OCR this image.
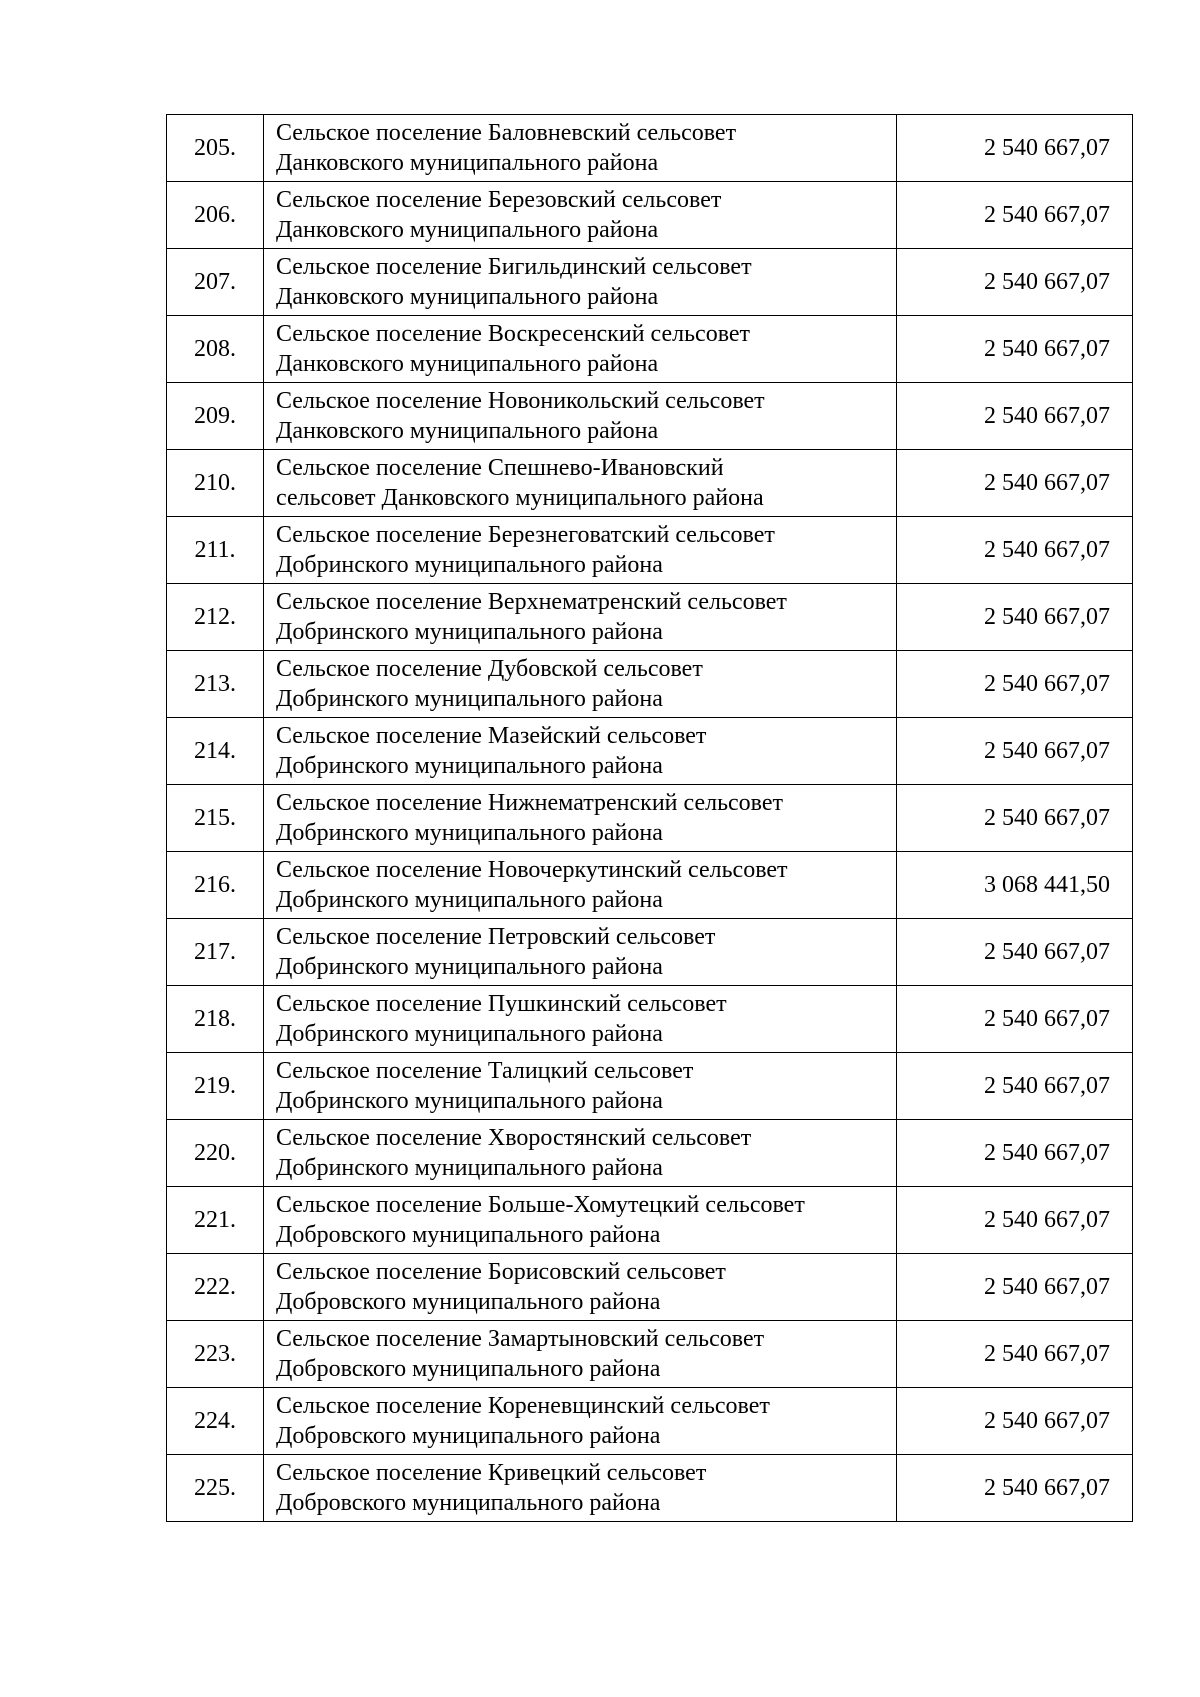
205.	Сельское поселение Баловневский сельсовет
Данковского муниципального района	2 540 667,07
206.	Сельское поселение Березовский сельсовет
Данковского муниципального района	2 540 667,07
207.	Сельское поселение Бигильдинский сельсовет
Данковского муниципального района	2 540 667,07
208.	Сельское поселение Воскресенский сельсовет
Данковского муниципального района	2 540 667,07
209.	Сельское поселение Новоникольский сельсовет
Данковского муниципального района	2 540 667,07
210.	Сельское поселение Спешнево-Ивановский
сельсовет Данковского муниципального района	2 540 667,07
211.	Сельское поселение Березнеговатский сельсовет
Добринского муниципального района	2 540 667,07
212.	Сельское поселение Верхнематренский сельсовет
Добринского муниципального района	2 540 667,07
213.	Сельское поселение Дубовской сельсовет
Добринского муниципального района	2 540 667,07
214.	Сельское поселение Мазейский сельсовет
Добринского муниципального района	2 540 667,07
215.	Сельское поселение Нижнематренский сельсовет
Добринского муниципального района	2 540 667,07
216.	Сельское поселение Новочеркутинский сельсовет
Добринского муниципального района	3 068 441,50
217.	Сельское поселение Петровский сельсовет
Добринского муниципального района	2 540 667,07
218.	Сельское поселение Пушкинский сельсовет
Добринского муниципального района	2 540 667,07
219.	Сельское поселение Талицкий сельсовет
Добринского муниципального района	2 540 667,07
220.	Сельское поселение Хворостянский сельсовет
Добринского муниципального района	2 540 667,07
221.	Сельское поселение Больше-Хомутецкий сельсовет
Добровского муниципального района	2 540 667,07
222.	Сельское поселение Борисовский сельсовет
Добровского муниципального района	2 540 667,07
223.	Сельское поселение Замартыновский сельсовет
Добровского муниципального района	2 540 667,07
224.	Сельское поселение Кореневщинский сельсовет
Добровского муниципального района	2 540 667,07
225.	Сельское поселение Кривецкий сельсовет
Добровского муниципального района	2 540 667,07
